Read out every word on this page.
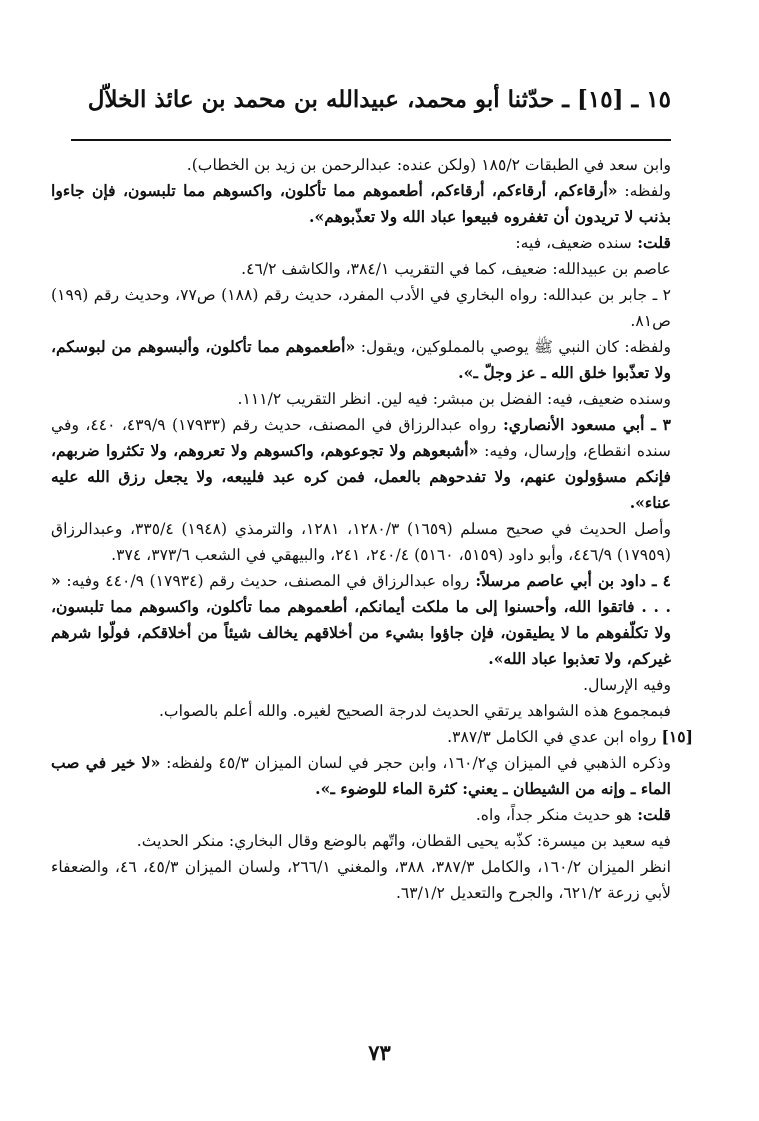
١٥ ـ [١٥] ـ حدّثنا أبو محمد، عبيدالله بن محمد بن عائذ الخلاّل

وابن سعد في الطبقات ١٨٥/٢ (ولكن عنده: عبدالرحمن بن زيد بن الخطاب).

ولفظه: «أرقاءكم، أرقاءكم، أرقاءكم، أطعموهم مما تأكلون، واكسوهم مما تلبسون، فإن جاءوا بذنب لا تريدون أن تغفروه فبيعوا عباد الله ولا تعذّبوهم».

قلت: سنده ضعيف، فيه:

عاصم بن عبيدالله: ضعيف، كما في التقريب ٣٨٤/١، والكاشف ٤٦/٢.

٢ ـ جابر بن عبدالله: رواه البخاري في الأدب المفرد، حديث رقم (١٨٨) ص٧٧، وحديث رقم (١٩٩) ص٨١.

ولفظه: كان النبي ﷺ يوصي بالمملوكين، ويقول: «أطعموهم مما تأكلون، وألبسوهم من لبوسكم، ولا تعذّبوا خلق الله ـ عز وجلّ ـ».

وسنده ضعيف، فيه: الفضل بن مبشر: فيه لين. انظر التقريب ١١١/٢.

٣ ـ أبي مسعود الأنصاري: رواه عبدالرزاق في المصنف، حديث رقم (١٧٩٣٣) ٤٣٩/٩، ٤٤٠، وفي سنده انقطاع، وإرسال، وفيه: «أشبعوهم ولا تجوعوهم، واكسوهم ولا تعروهم، ولا تكثروا ضربهم، فإنكم مسؤولون عنهم، ولا تفدحوهم بالعمل، فمن كره عبد فليبعه، ولا يجعل رزق الله عليه عناء».

وأصل الحديث في صحيح مسلم (١٦٥٩) ١٢٨٠/٣، ١٢٨١، والترمذي (١٩٤٨) ٣٣٥/٤، وعبدالرزاق (١٧٩٥٩) ٤٤٦/٩، وأبو داود (٥١٥٩، ٥١٦٠) ٢٤٠/٤، ٢٤١، والبيهقي في الشعب ٣٧٣/٦، ٣٧٤.

٤ ـ داود بن أبي عاصم مرسلاً: رواه عبدالرزاق في المصنف، حديث رقم (١٧٩٣٤) ٤٤٠/٩ وفيه: « . . . فاتقوا الله، وأحسنوا إلى ما ملكت أيمانكم، أطعموهم مما تأكلون، واكسوهم مما تلبسون، ولا تكلّفوهم ما لا يطيقون، فإن جاؤوا بشيء من أخلاقهم يخالف شيئاً من أخلاقكم، فولّوا شرهم غيركم، ولا تعذبوا عباد الله».

وفيه الإرسال.

فبمجموع هذه الشواهد يرتقي الحديث لدرجة الصحيح لغيره. والله أعلم بالصواب.

[١٥] رواه ابن عدي في الكامل ٣٨٧/٣.

وذكره الذهبي في الميزان ي١٦٠/٢، وابن حجر في لسان الميزان ٤٥/٣ ولفظه: «لا خير في صب الماء ـ وإنه من الشيطان ـ يعني: كثرة الماء للوضوء ـ».

قلت: هو حديث منكر جداً، واه.

فيه سعيد بن ميسرة: كذّبه يحيى القطان، واتّهم بالوضع وقال البخاري: منكر الحديث.

انظر الميزان ١٦٠/٢، والكامل ٣٨٧/٣، ٣٨٨، والمغني ٢٦٦/١، ولسان الميزان ٤٥/٣، ٤٦، والضعفاء لأبي زرعة ٦٢١/٢، والجرح والتعديل ٦٣/١/٢.

٧٣
